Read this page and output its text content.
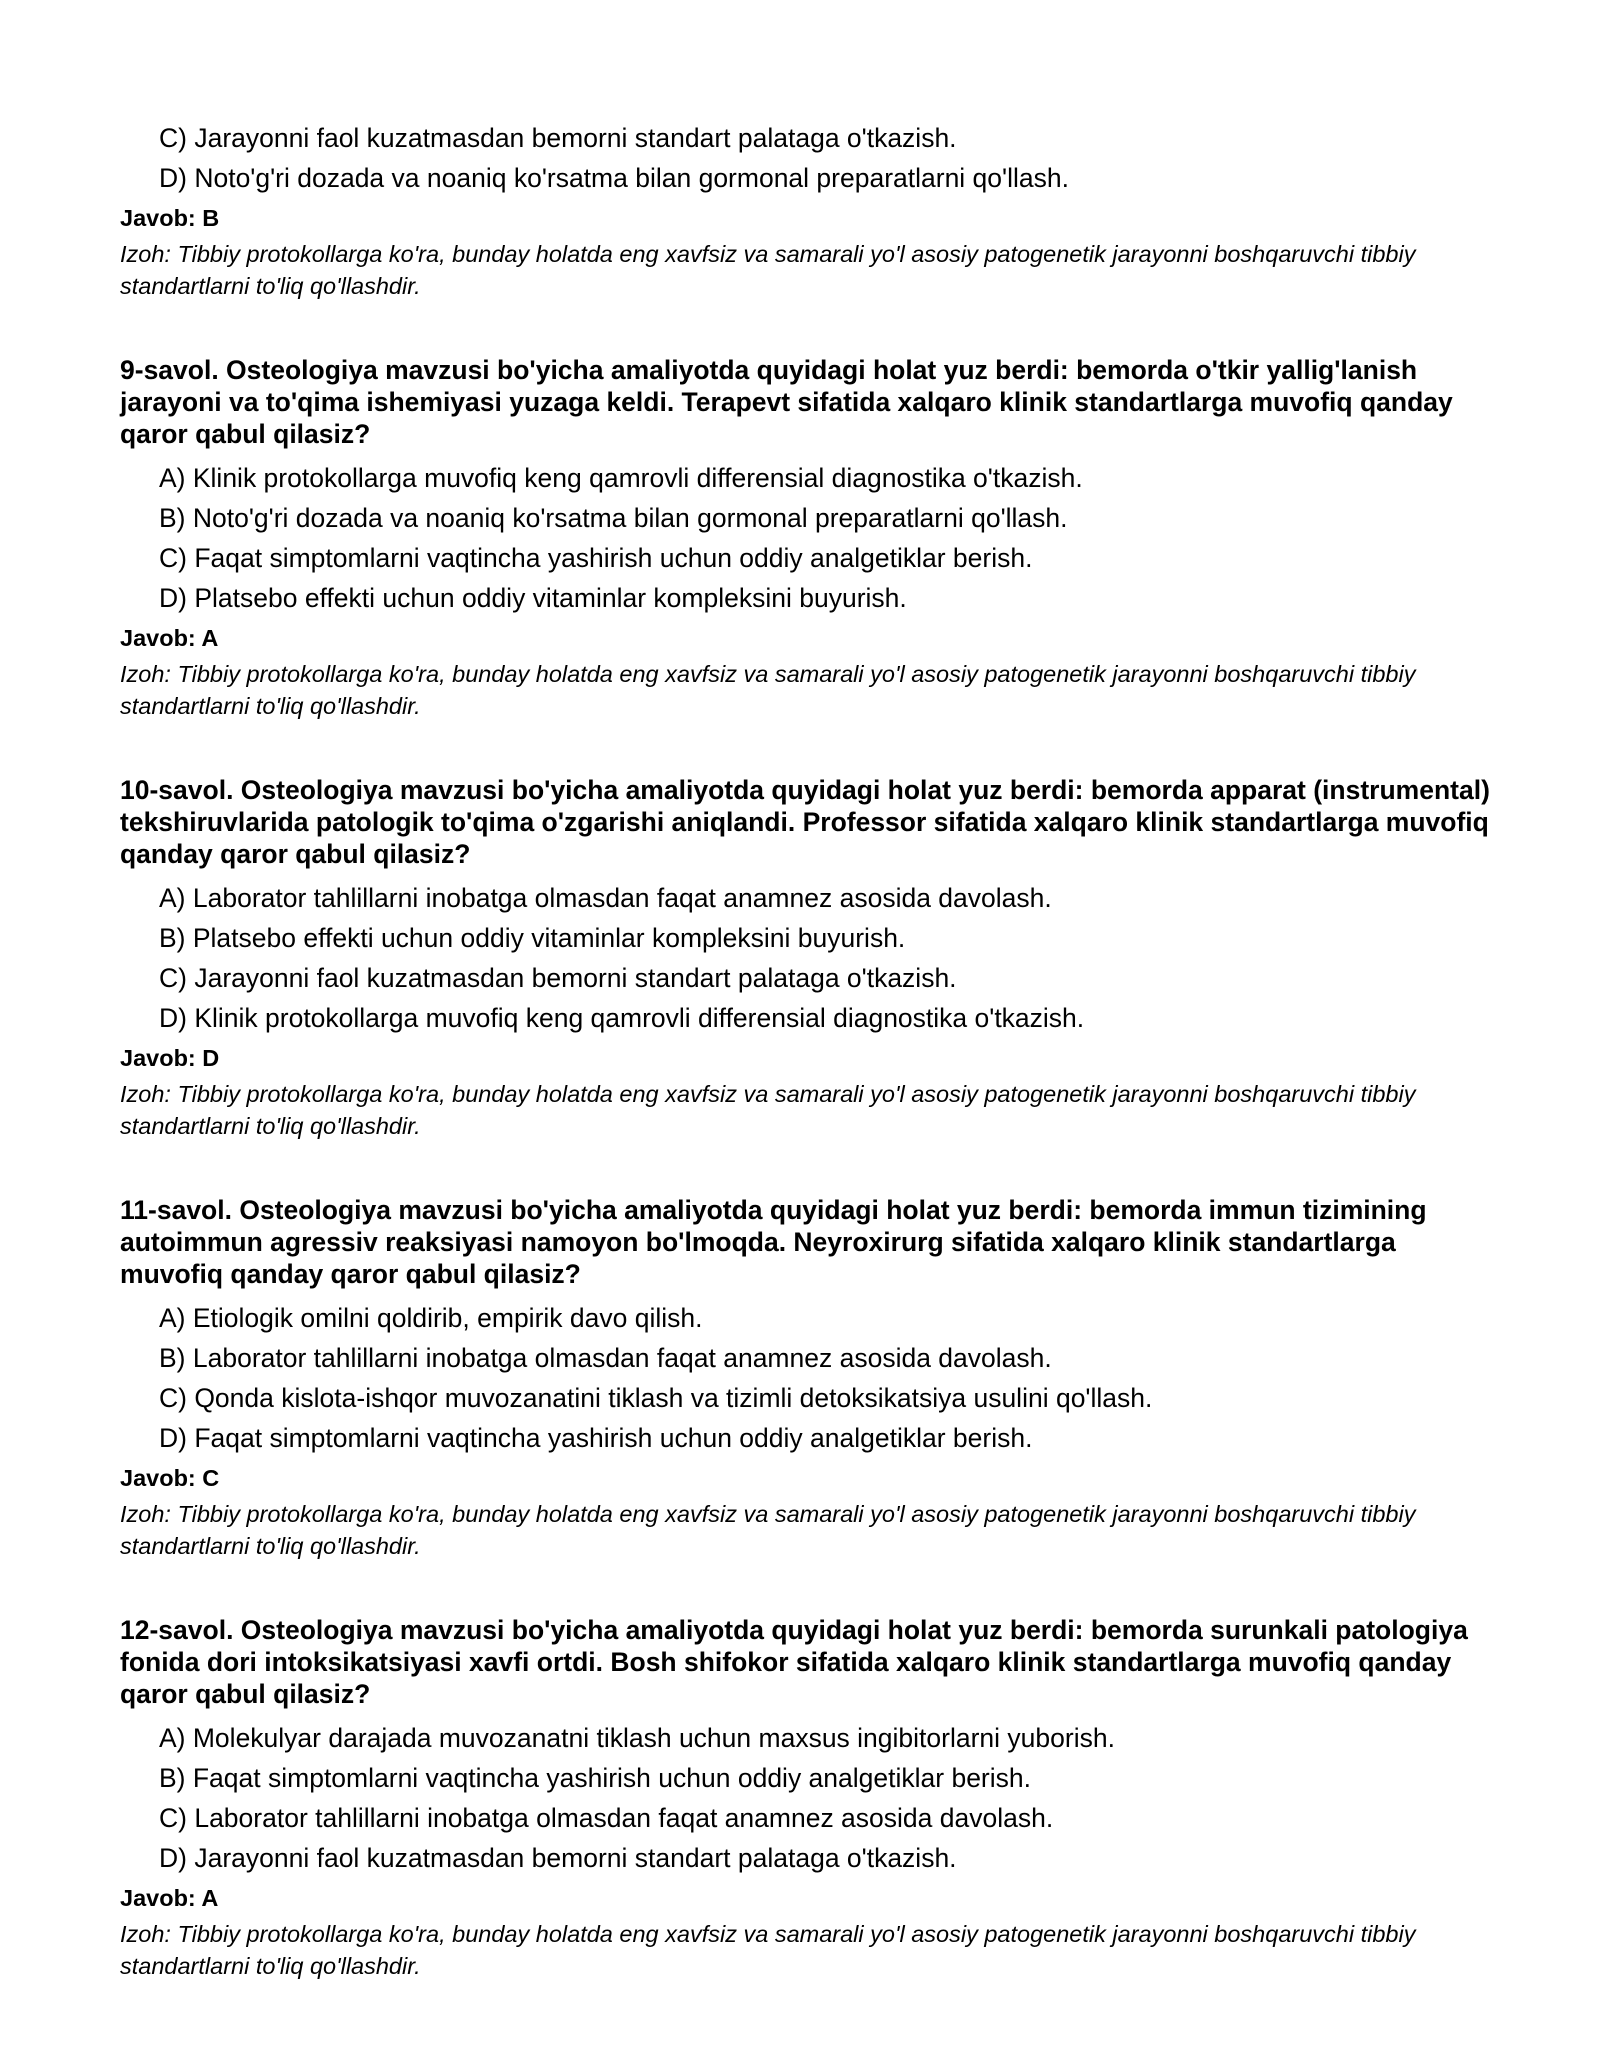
C) Jarayonni faol kuzatmasdan bemorni standart palataga o'tkazish.
D) Noto'g'ri dozada va noaniq ko'rsatma bilan gormonal preparatlarni qo'llash.
Javob: B
Izoh: Tibbiy protokollarga ko'ra, bunday holatda eng xavfsiz va samarali yo'l asosiy patogenetik jarayonni boshqaruvchi tibbiy standartlarni to'liq qo'llashdir.
9-savol. Osteologiya mavzusi bo'yicha amaliyotda quyidagi holat yuz berdi: bemorda o'tkir yallig'lanish jarayoni va to'qima ishemiyasi yuzaga keldi. Terapevt sifatida xalqaro klinik standartlarga muvofiq qanday qaror qabul qilasiz?
A) Klinik protokollarga muvofiq keng qamrovli differensial diagnostika o'tkazish.
B) Noto'g'ri dozada va noaniq ko'rsatma bilan gormonal preparatlarni qo'llash.
C) Faqat simptomlarni vaqtincha yashirish uchun oddiy analgetiklar berish.
D) Platsebo effekti uchun oddiy vitaminlar kompleksini buyurish.
Javob: A
Izoh: Tibbiy protokollarga ko'ra, bunday holatda eng xavfsiz va samarali yo'l asosiy patogenetik jarayonni boshqaruvchi tibbiy standartlarni to'liq qo'llashdir.
10-savol. Osteologiya mavzusi bo'yicha amaliyotda quyidagi holat yuz berdi: bemorda apparat (instrumental) tekshiruvlarida patologik to'qima o'zgarishi aniqlandi. Professor sifatida xalqaro klinik standartlarga muvofiq qanday qaror qabul qilasiz?
A) Laborator tahlillarni inobatga olmasdan faqat anamnez asosida davolash.
B) Platsebo effekti uchun oddiy vitaminlar kompleksini buyurish.
C) Jarayonni faol kuzatmasdan bemorni standart palataga o'tkazish.
D) Klinik protokollarga muvofiq keng qamrovli differensial diagnostika o'tkazish.
Javob: D
Izoh: Tibbiy protokollarga ko'ra, bunday holatda eng xavfsiz va samarali yo'l asosiy patogenetik jarayonni boshqaruvchi tibbiy standartlarni to'liq qo'llashdir.
11-savol. Osteologiya mavzusi bo'yicha amaliyotda quyidagi holat yuz berdi: bemorda immun tizimining autoimmun agressiv reaksiyasi namoyon bo'lmoqda. Neyroxirurg sifatida xalqaro klinik standartlarga muvofiq qanday qaror qabul qilasiz?
A) Etiologik omilni qoldirib, empirik davo qilish.
B) Laborator tahlillarni inobatga olmasdan faqat anamnez asosida davolash.
C) Qonda kislota-ishqor muvozanatini tiklash va tizimli detoksikatsiya usulini qo'llash.
D) Faqat simptomlarni vaqtincha yashirish uchun oddiy analgetiklar berish.
Javob: C
Izoh: Tibbiy protokollarga ko'ra, bunday holatda eng xavfsiz va samarali yo'l asosiy patogenetik jarayonni boshqaruvchi tibbiy standartlarni to'liq qo'llashdir.
12-savol. Osteologiya mavzusi bo'yicha amaliyotda quyidagi holat yuz berdi: bemorda surunkali patologiya fonida dori intoksikatsiyasi xavfi ortdi. Bosh shifokor sifatida xalqaro klinik standartlarga muvofiq qanday qaror qabul qilasiz?
A) Molekulyar darajada muvozanatni tiklash uchun maxsus ingibitorlarni yuborish.
B) Faqat simptomlarni vaqtincha yashirish uchun oddiy analgetiklar berish.
C) Laborator tahlillarni inobatga olmasdan faqat anamnez asosida davolash.
D) Jarayonni faol kuzatmasdan bemorni standart palataga o'tkazish.
Javob: A
Izoh: Tibbiy protokollarga ko'ra, bunday holatda eng xavfsiz va samarali yo'l asosiy patogenetik jarayonni boshqaruvchi tibbiy standartlarni to'liq qo'llashdir.
